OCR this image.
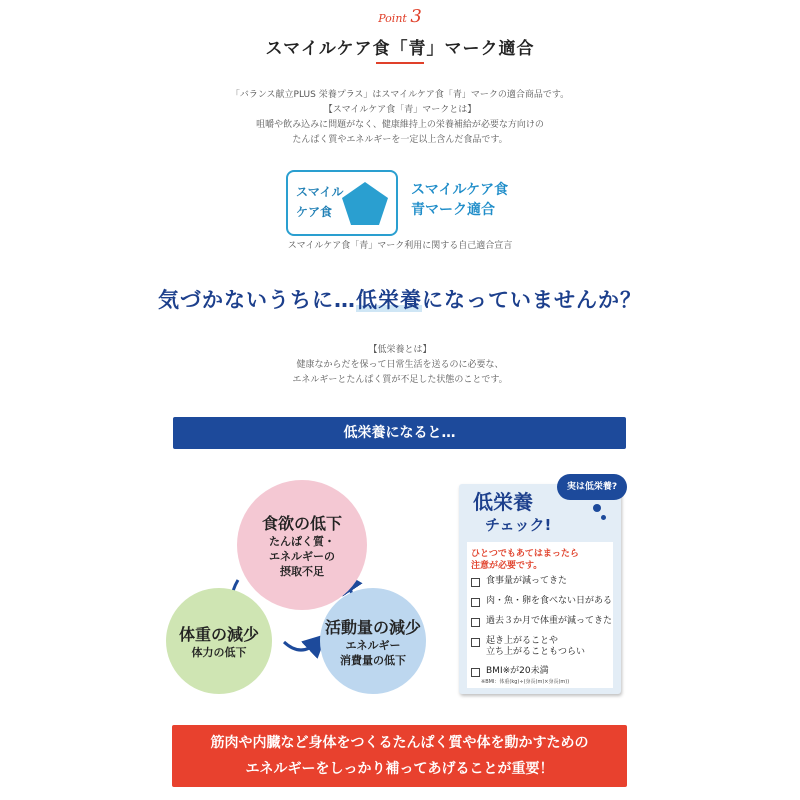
Point 3
スマイルケア食「青」マーク適合
「バランス献立PLUS 栄養プラス」はスマイルケア食「青」マークの適合商品です。
【スマイルケア食「青」マークとは】
咀嚼や飲み込みに問題がなく、健康維持上の栄養補給が必要な方向けの
たんぱく質やエネルギーを一定以上含んだ食品です。
スマイル
ケア食
スマイルケア食
青マーク適合
スマイルケア食「青」マーク利用に関する自己適合宣言
気づかないうちに…低栄養になっていませんか？
【低栄養とは】
健康なからだを保って日常生活を送るのに必要な、
エネルギーとたんぱく質が不足した状態のことです。
低栄養になると…
食欲の低下
たんぱく質・
エネルギーの
摂取不足
体重の減少
体力の低下
活動量の減少
エネルギー
消費量の低下
低栄養
チェック!
実は低栄養?
ひとつでもあてはまったら
注意が必要です。
食事量が減ってきた
肉・魚・卵を食べない日がある
過去３か月で体重が減ってきた
起き上がることや
立ち上がることもつらい
BMI※が20未満
※BMI：体重(kg)÷(身長(m)×身長(m))
筋肉や内臓など身体をつくるたんぱく質や体を動かすための
エネルギーをしっかり補ってあげることが重要！
